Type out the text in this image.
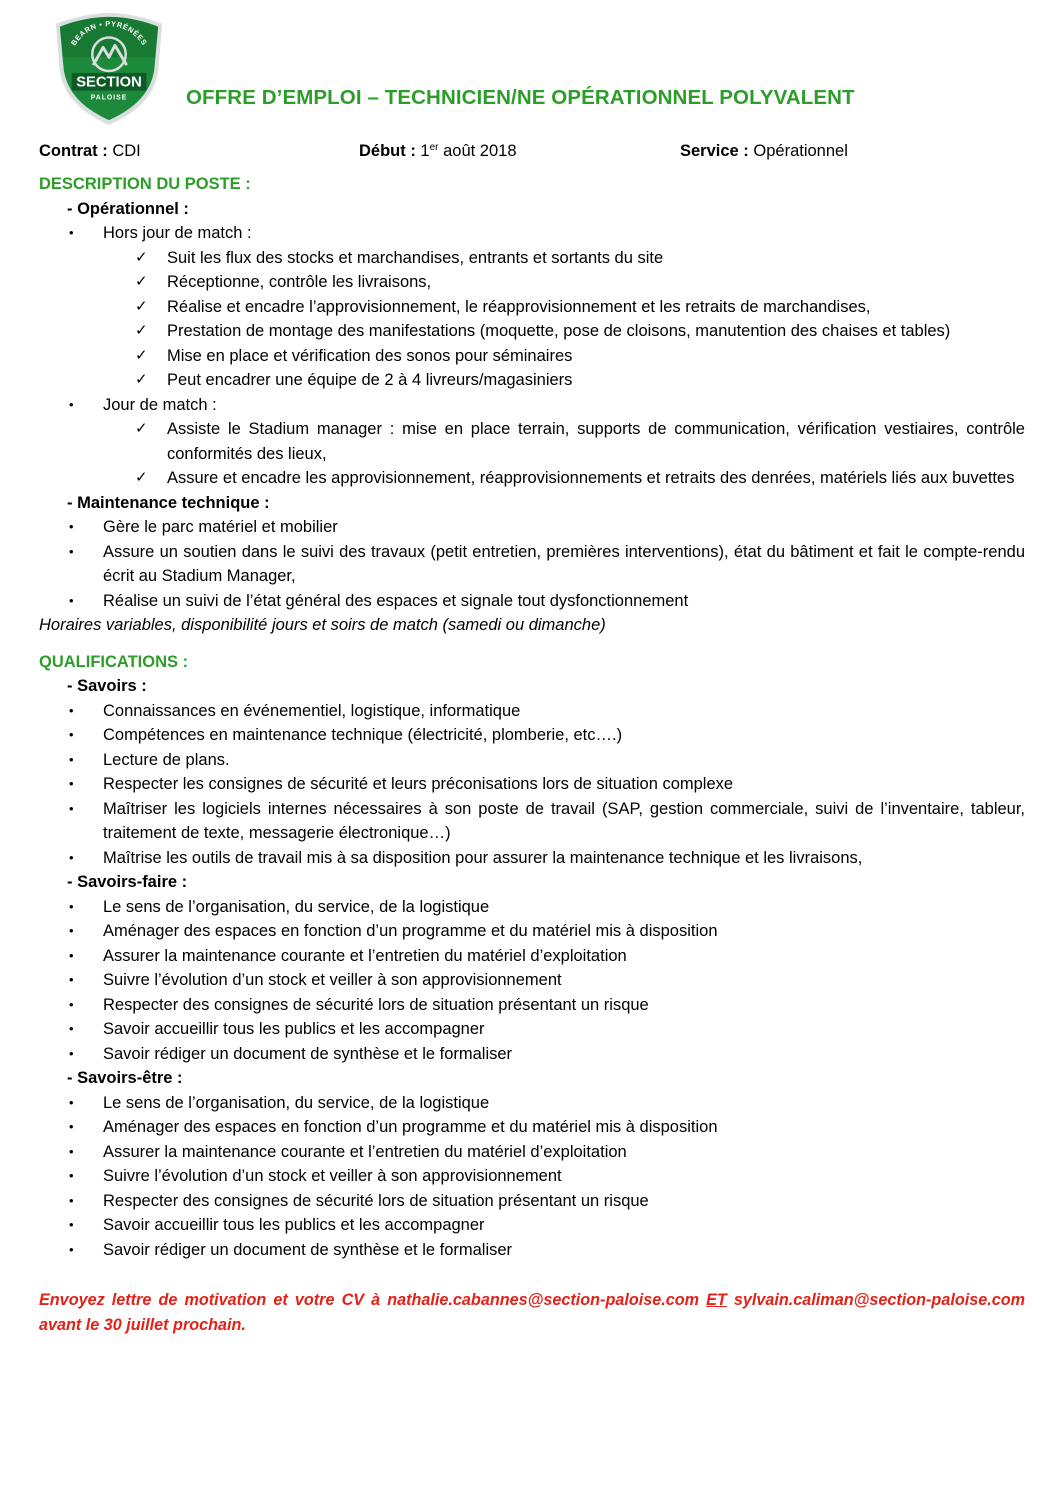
BEARN • PYRÉNÉES
SECTION
PALOISE	OFFRE D’EMPLOI – TECHNICIEN/NE OPÉRATIONNEL POLYVALENT
Contrat : CDI	Début : 1er août 2018	Service : Opérationnel

DESCRIPTION DU POSTE :

- Opérationnel :

• Hors jour de match :
✓ Suit les flux des stocks et marchandises, entrants et sortants du site
✓ Réceptionne, contrôle les livraisons,
✓ Réalise et encadre l’approvisionnement, le réapprovisionnement et les retraits de marchandises,
✓ Prestation de montage des manifestations (moquette, pose de cloisons, manutention des chaises et tables)
✓ Mise en place et vérification des sonos pour séminaires
✓ Peut encadrer une équipe de 2 à 4 livreurs/magasiniers
• Jour de match :
✓ Assiste le Stadium manager : mise en place terrain, supports de communication, vérification vestiaires, contrôle conformités des lieux,
✓ Assure et encadre les approvisionnement, réapprovisionnements et retraits des denrées, matériels liés aux buvettes

- Maintenance technique :

• Gère le parc matériel et mobilier
• Assure un soutien dans le suivi des travaux (petit entretien, premières interventions), état du bâtiment et fait le compte-rendu écrit au Stadium Manager,
• Réalise un suivi de l’état général des espaces et signale tout dysfonctionnement

Horaires variables, disponibilité jours et soirs de match (samedi ou dimanche)

QUALIFICATIONS :

- Savoirs :

• Connaissances en événementiel, logistique, informatique
• Compétences en maintenance technique (électricité, plomberie, etc….)
• Lecture de plans.
• Respecter les consignes de sécurité et leurs préconisations lors de situation complexe
• Maîtriser les logiciels internes nécessaires à son poste de travail (SAP, gestion commerciale, suivi de l’inventaire, tableur, traitement de texte, messagerie électronique…)
• Maîtrise les outils de travail mis à sa disposition pour assurer la maintenance technique et les livraisons,

- Savoirs-faire :

• Le sens de l’organisation, du service, de la logistique
• Aménager des espaces en fonction d’un programme et du matériel mis à disposition
• Assurer la maintenance courante et l’entretien du matériel d’exploitation
• Suivre l’évolution d’un stock et veiller à son approvisionnement
• Respecter des consignes de sécurité lors de situation présentant un risque
• Savoir accueillir tous les publics et les accompagner
• Savoir rédiger un document de synthèse et le formaliser

- Savoirs-être :

• Le sens de l’organisation, du service, de la logistique
• Aménager des espaces en fonction d’un programme et du matériel mis à disposition
• Assurer la maintenance courante et l’entretien du matériel d’exploitation
• Suivre l’évolution d’un stock et veiller à son approvisionnement
• Respecter des consignes de sécurité lors de situation présentant un risque
• Savoir accueillir tous les publics et les accompagner
• Savoir rédiger un document de synthèse et le formaliser

Envoyez lettre de motivation et votre CV à nathalie.cabannes@section-paloise.com ET sylvain.caliman@section-paloise.com avant le 30 juillet prochain.
